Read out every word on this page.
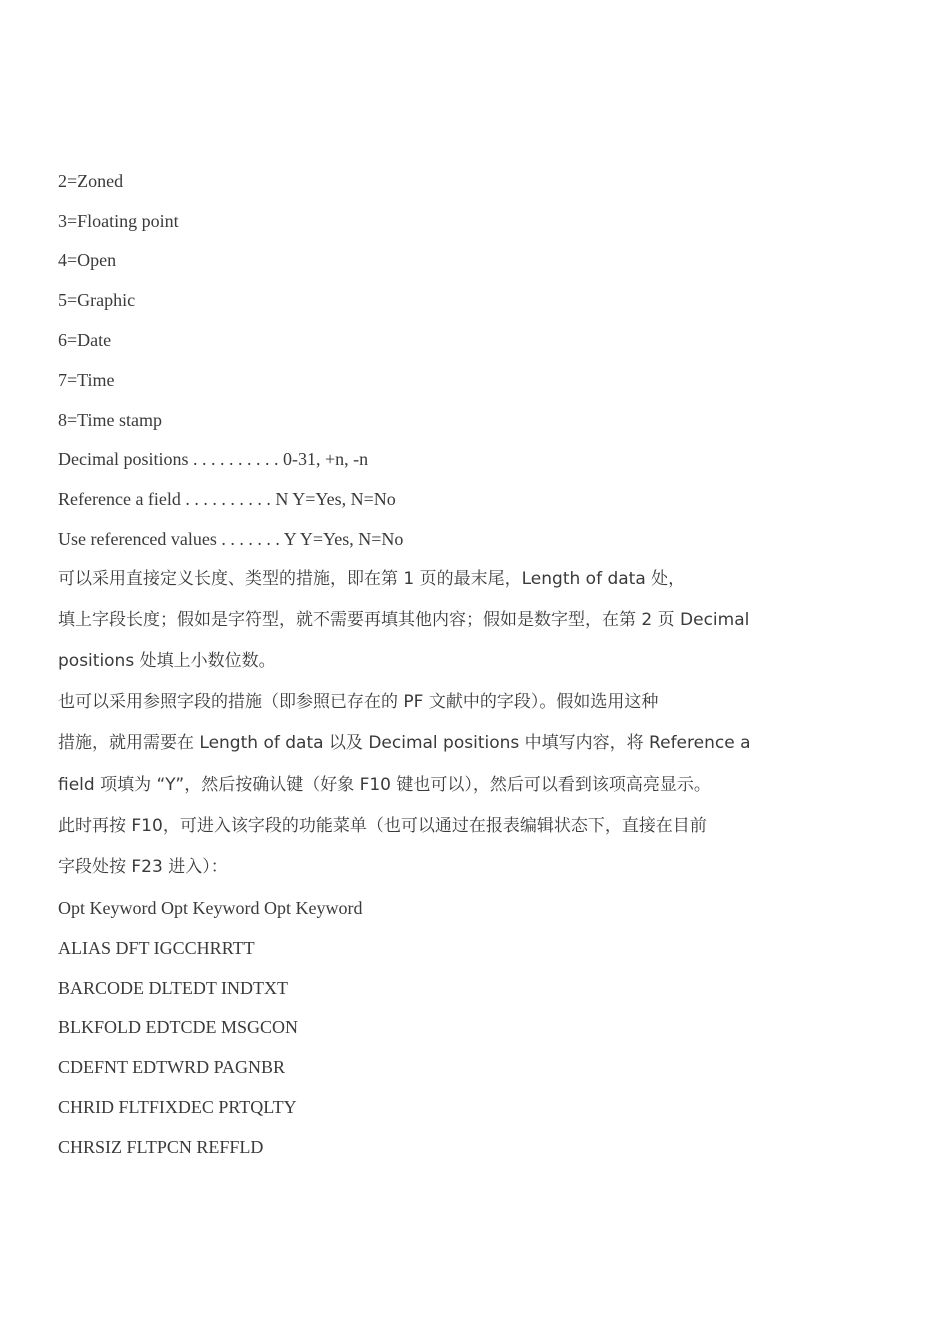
2=Zoned
3=Floating point
4=Open
5=Graphic
6=Date
7=Time
8=Time stamp
Decimal positions . . . . . . . . . . 0-31, +n, -n
Reference a field . . . . . . . . . . N Y=Yes, N=No
Use referenced values . . . . . . . Y Y=Yes, N=No
可以采用直接定义长度、类型的措施，即在第 1 页的最末尾，Length of data 处，
填上字段长度；假如是字符型，就不需要再填其他内容；假如是数字型，在第 2 页 Decimal
positions 处填上小数位数。
也可以采用参照字段的措施（即参照已存在的 PF 文献中的字段）。假如选用这种
措施，就用需要在 Length of data 以及 Decimal positions 中填写内容，将 Reference a
field 项填为 “Y”，然后按确认键（好象 F10 键也可以），然后可以看到该项高亮显示。
此时再按 F10，可进入该字段的功能菜单（也可以通过在报表编辑状态下，直接在目前
字段处按 F23 进入）：
Opt Keyword Opt Keyword Opt Keyword
ALIAS DFT IGCCHRRTT
BARCODE DLTEDT INDTXT
BLKFOLD EDTCDE MSGCON
CDEFNT EDTWRD PAGNBR
CHRID FLTFIXDEC PRTQLTY
CHRSIZ FLTPCN REFFLD
